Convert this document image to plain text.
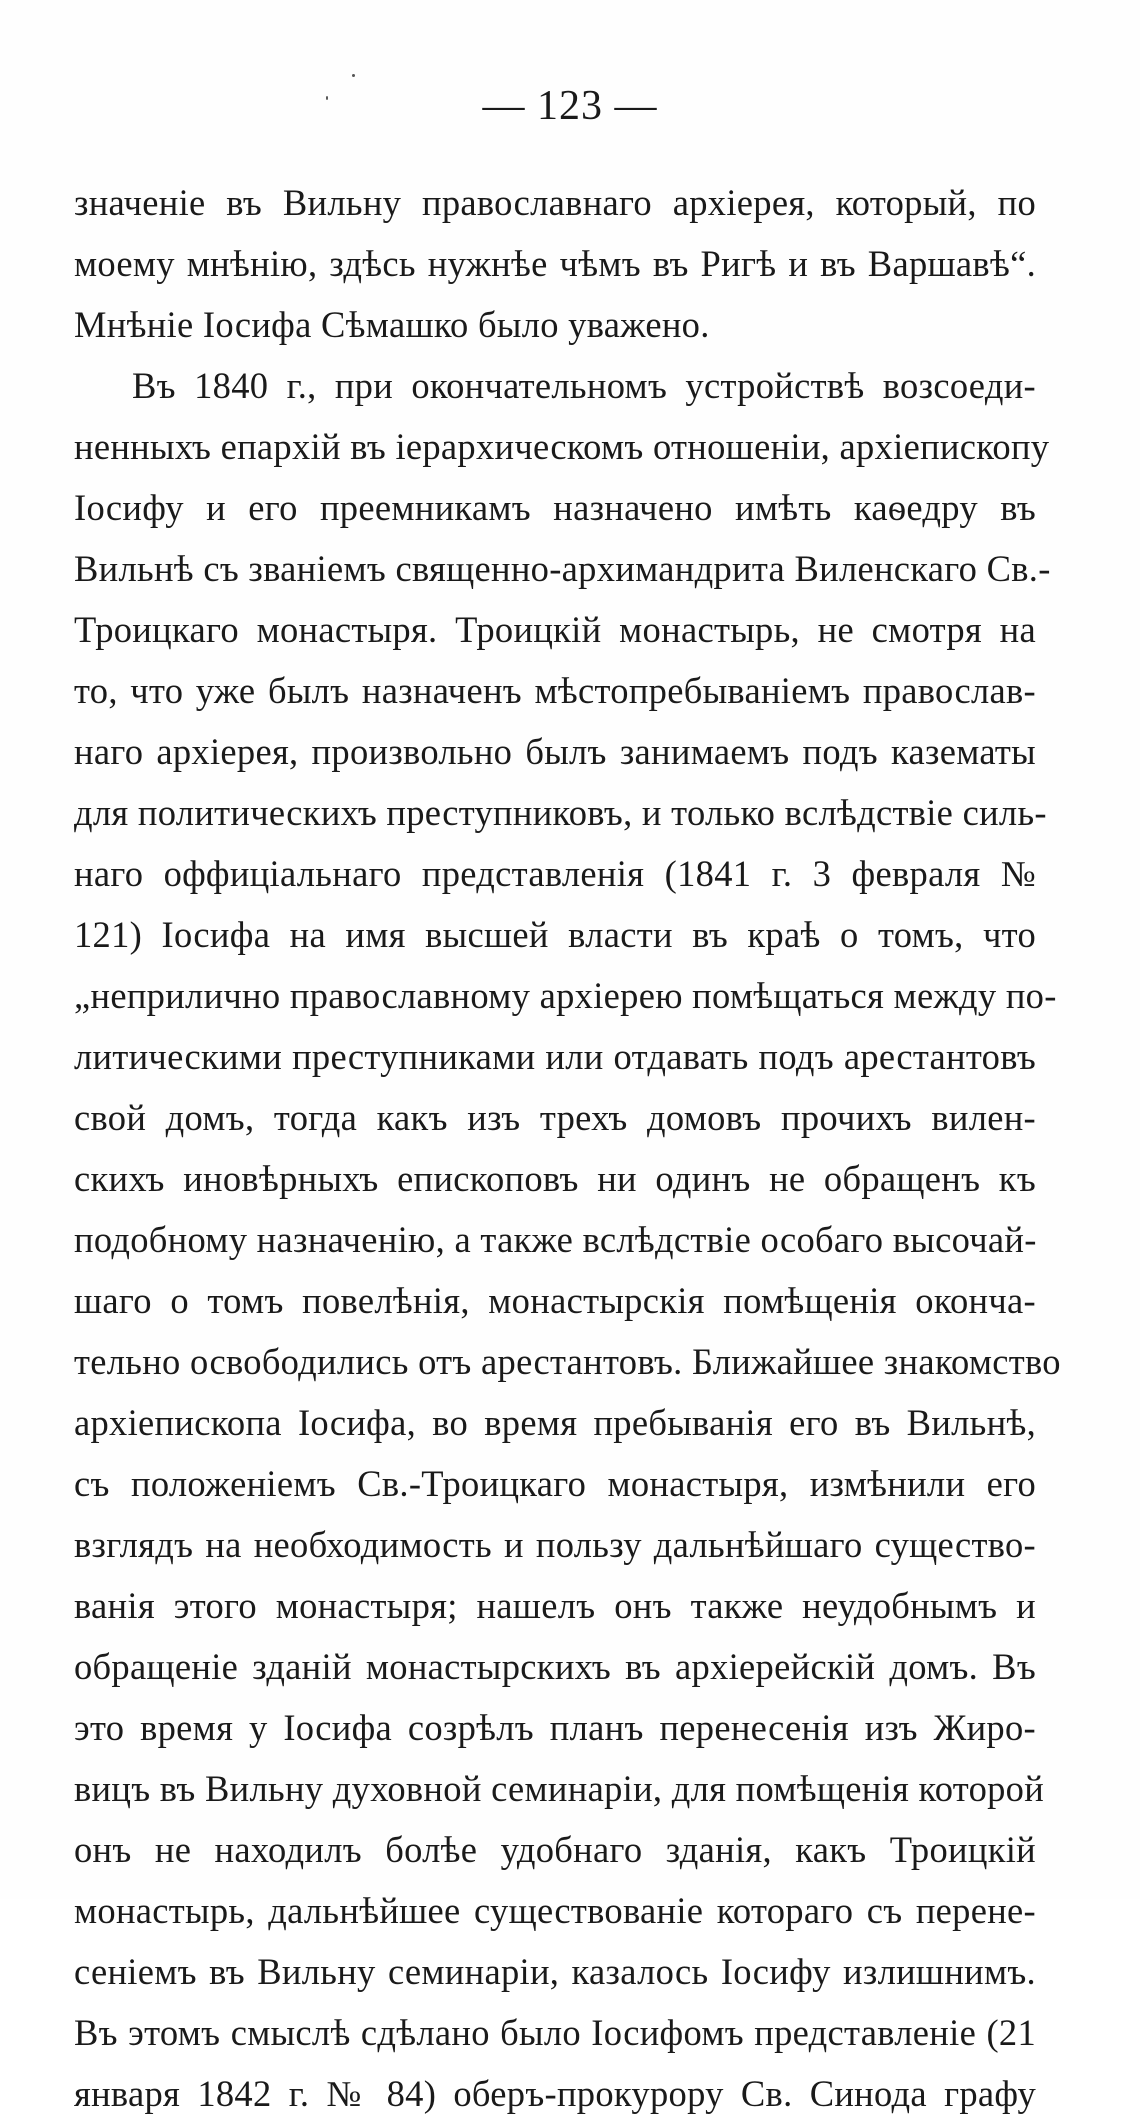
— 123 —
значеніе въ Вильну православнаго архіерея, который, по
моему мнѣнію, здѣсь нужнѣе чѣмъ въ Ригѣ и въ Варшавѣ“.
Мнѣніе Іосифа Сѣмашко было уважено.
Въ 1840 г., при окончательномъ устройствѣ возсоеди-
ненныхъ епархій въ іерархическомъ отношеніи, архіепископу
Іосифу и его преемникамъ назначено имѣть каѳедру въ
Вильнѣ съ званіемъ священно-архимандрита Виленскаго Св.-
Троицкаго монастыря. Троицкій монастырь, не смотря на
то, что уже былъ назначенъ мѣстопребываніемъ православ-
наго архіерея, произвольно былъ занимаемъ подъ казематы
для политическихъ преступниковъ, и только вслѣдствіе силь-
наго оффиціальнаго представленія (1841 г. 3 февраля №
121) Іосифа на имя высшей власти въ краѣ о томъ, что
„неприлично православному архіерею помѣщаться между по-
литическими преступниками или отдавать подъ арестантовъ
свой домъ, тогда какъ изъ трехъ домовъ прочихъ вилен-
скихъ иновѣрныхъ епископовъ ни одинъ не обращенъ къ
подобному назначенію, а также вслѣдствіе особаго высочай-
шаго о томъ повелѣнія, монастырскія помѣщенія оконча-
тельно освободились отъ арестантовъ. Ближайшее знакомство
архіепископа Іосифа, во время пребыванія его въ Вильнѣ,
съ положеніемъ Св.-Троицкаго монастыря, измѣнили его
взглядъ на необходимость и пользу дальнѣйшаго существо-
ванія этого монастыря; нашелъ онъ также неудобнымъ и
обращеніе зданій монастырскихъ въ архіерейскій домъ. Въ
это время у Іосифа созрѣлъ планъ перенесенія изъ Жиро-
вицъ въ Вильну духовной семинаріи, для помѣщенія которой
онъ не находилъ болѣе удобнаго зданія, какъ Троицкій
монастырь, дальнѣйшее существованіе котораго съ перене-
сеніемъ въ Вильну семинаріи, казалось Іосифу излишнимъ.
Въ этомъ смыслѣ сдѣлано было Іосифомъ представленіе (21
января 1842 г. № 84) оберъ-прокурору Св. Синода графу
